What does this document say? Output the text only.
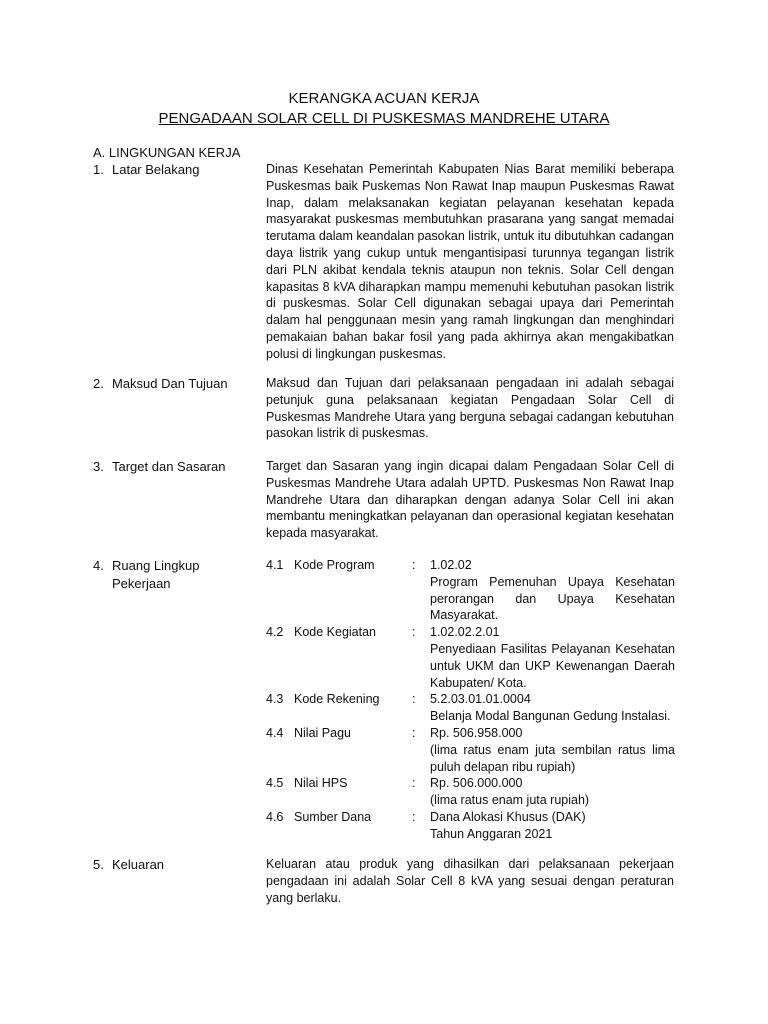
KERANGKA ACUAN KERJA
PENGADAAN SOLAR CELL DI PUSKESMAS MANDREHE UTARA
A. LINGKUNGAN KERJA
1. Latar Belakang	Dinas Kesehatan Pemerintah Kabupaten Nias Barat memiliki beberapa Puskesmas baik Puskemas Non Rawat Inap maupun Puskesmas Rawat Inap, dalam melaksanakan kegiatan pelayanan kesehatan kepada masyarakat puskesmas membutuhkan prasarana yang sangat memadai terutama dalam keandalan pasokan listrik, untuk itu dibutuhkan cadangan daya listrik yang cukup untuk mengantisipasi turunnya tegangan listrik dari PLN akibat kendala teknis ataupun non teknis. Solar Cell dengan kapasitas 8 kVA diharapkan mampu memenuhi kebutuhan pasokan listrik di puskesmas. Solar Cell digunakan sebagai upaya dari Pemerintah dalam hal penggunaan mesin yang ramah lingkungan dan menghindari pemakaian bahan bakar fosil yang pada akhirnya akan mengakibatkan polusi di lingkungan puskesmas.
2. Maksud Dan Tujuan	Maksud dan Tujuan dari pelaksanaan pengadaan ini adalah sebagai petunjuk guna pelaksanaan kegiatan Pengadaan Solar Cell di Puskesmas Mandrehe Utara yang berguna sebagai cadangan kebutuhan pasokan listrik di puskesmas.
3. Target dan Sasaran	Target dan Sasaran yang ingin dicapai dalam Pengadaan Solar Cell di Puskesmas Mandrehe Utara adalah UPTD. Puskesmas Non Rawat Inap Mandrehe Utara dan diharapkan dengan adanya Solar Cell ini akan membantu meningkatkan pelayanan dan operasional kegiatan kesehatan kepada masyarakat.
4. Ruang Lingkup
Pekerjaan
4.1 Kode Program	:	1.02.02
Program Pemenuhan Upaya Kesehatan perorangan dan Upaya Kesehatan Masyarakat.
4.2 Kode Kegiatan	:	1.02.02.2.01
Penyediaan Fasilitas Pelayanan Kesehatan untuk UKM dan UKP Kewenangan Daerah Kabupaten/ Kota.
4.3 Kode Rekening	:	5.2.03.01.01.0004
Belanja Modal Bangunan Gedung Instalasi.
4.4 Nilai Pagu	:	Rp. 506.958.000
(lima ratus enam juta sembilan ratus lima puluh delapan ribu rupiah)
4.5 Nilai HPS	:	Rp. 506.000.000
(lima ratus enam juta rupiah)
4.6 Sumber Dana	:	Dana Alokasi Khusus (DAK)
Tahun Anggaran 2021
5. Keluaran	Keluaran atau produk yang dihasilkan dari pelaksanaan pekerjaan pengadaan ini adalah Solar Cell 8 kVA yang sesuai dengan peraturan yang berlaku.
